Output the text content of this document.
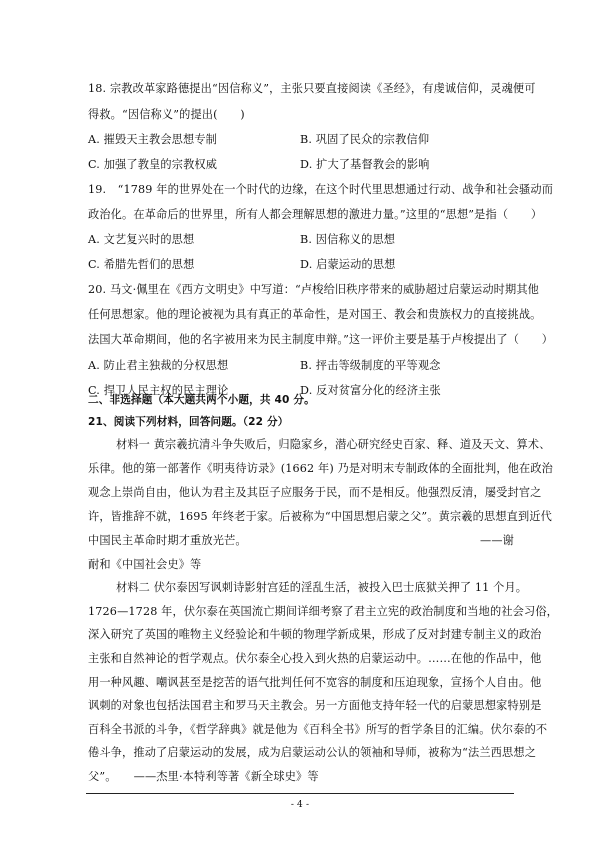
18. 宗教改革家路德提出“因信称义”，主张只要直接阅读《圣经》，有虔诚信仰，灵魂便可
得救。“因信称义”的提出(　　)
A. 摧毁天主教会思想专制	B. 巩固了民众的宗教信仰
C. 加强了教皇的宗教权威	D. 扩大了基督教会的影响
19.　“1789 年的世界处在一个时代的边缘，在这个时代里思想通过行动、战争和社会骚动而
政治化。在革命后的世界里，所有人都会理解思想的激进力量。”这里的“思想”是指（　　）
A. 文艺复兴时的思想	B. 因信称义的思想
C. 希腊先哲们的思想	D. 启蒙运动的思想
20. 马文·佩里在《西方文明史》中写道：“卢梭给旧秩序带来的威胁超过启蒙运动时期其他
任何思想家。他的理论被视为具有真正的革命性，是对国王、教会和贵族权力的直接挑战。
法国大革命期间，他的名字被用来为民主制度申辩。”这一评价主要是基于卢梭提出了（　　）
A. 防止君主独裁的分权思想	B. 抨击等级制度的平等观念
C. 捍卫人民主权的民主理论	D. 反对贫富分化的经济主张
二、非选择题（本大题共两个小题，共 40 分。
21、阅读下列材料，回答问题。（22 分）
材料一 黄宗羲抗清斗争失败后，归隐家乡，潜心研究经史百家、释、道及天文、算术、
乐律。他的第一部著作《明夷待访录》(1662 年) 乃是对明末专制政体的全面批判，他在政治
观念上崇尚自由，他认为君主及其臣子应服务于民，而不是相反。他强烈反清，屡受封官之
许，皆推辞不就，1695 年终老于家。后被称为“中国思想启蒙之父”。黄宗羲的思想直到近代
中国民主革命时期才重放光芒。	——谢
耐和《中国社会史》等
材料二 伏尔泰因写讽刺诗影射宫廷的淫乱生活，被投入巴士底狱关押了 11 个月。
1726—1728 年，伏尔泰在英国流亡期间详细考察了君主立宪的政治制度和当地的社会习俗，
深入研究了英国的唯物主义经验论和牛顿的物理学新成果，形成了反对封建专制主义的政治
主张和自然神论的哲学观点。伏尔泰全心投入到火热的启蒙运动中。……在他的作品中，他
用一种风趣、嘲讽甚至是挖苦的语气批判任何不宽容的制度和压迫现象，宣扬个人自由。他
讽刺的对象也包括法国君主和罗马天主教会。另一方面他支持年轻一代的启蒙思想家特别是
百科全书派的斗争，《哲学辞典》就是他为《百科全书》所写的哲学条目的汇编。伏尔泰的不
- 4 -
倦斗争，推动了启蒙运动的发展，成为启蒙运动公认的领袖和导师，被称为“法兰西思想之
父”。　　——杰里·本特利等著《新全球史》等
